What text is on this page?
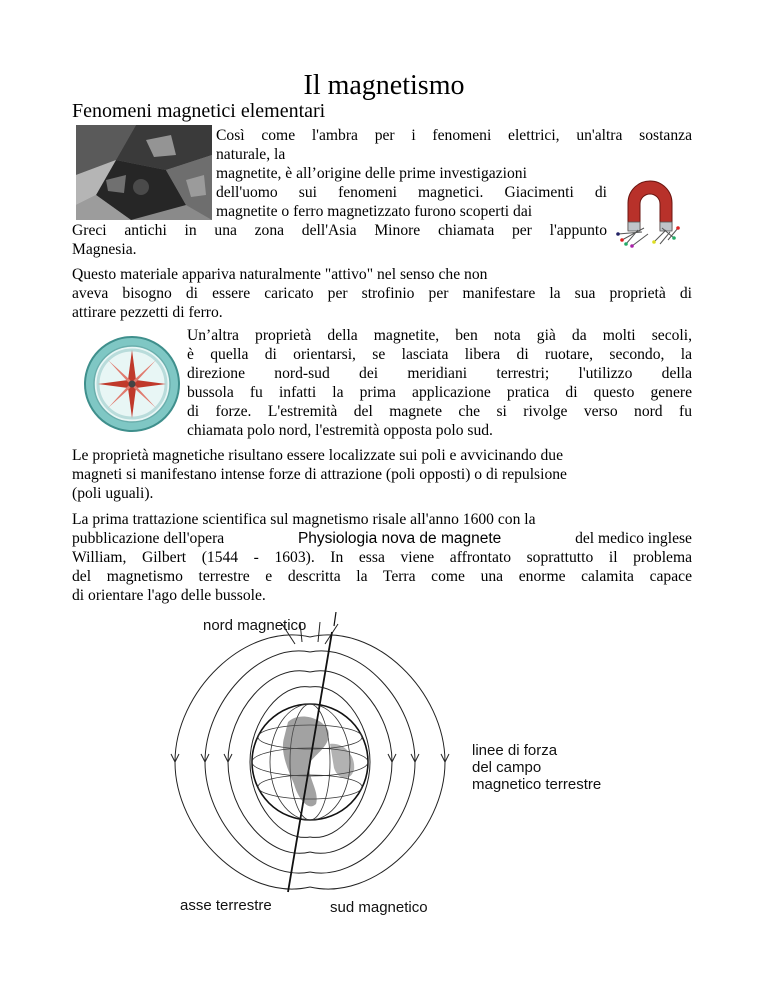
Il magnetismo
Fenomeni magnetici elementari
Così come l'ambra per i fenomeni elettrici, un'altra sostanza
naturale, la
magnetite, è all’origine delle prime investigazioni
dell'uomo sui fenomeni magnetici. Giacimenti di
magnetite o ferro magnetizzato furono scoperti dai
Greci antichi in una zona dell'Asia Minore chiamata per l'appunto
Magnesia.
Questo materiale appariva naturalmente "attivo" nel senso che non
aveva bisogno di essere caricato per strofinio per manifestare la sua proprietà di
attirare pezzetti di ferro.
Un’altra proprietà della magnetite, ben nota già da molti secoli,
è quella di orientarsi, se lasciata libera di ruotare, secondo, la
direzione nord-sud dei meridiani terrestri; l'utilizzo della
bussola fu infatti la prima applicazione pratica di questo genere
di forze. L'estremità del magnete che si rivolge verso nord fu
chiamata polo nord, l'estremità opposta polo sud.
Le proprietà magnetiche risultano essere localizzate sui poli e avvicinando due
magneti si manifestano intense forze di attrazione (poli opposti) o di repulsione
(poli uguali).
La prima trattazione scientifica sul magnetismo risale all'anno 1600 con la
pubblicazione dell'opera	Physiologia nova de magnete	del medico inglese
William, Gilbert (1544 - 1603). In essa viene affrontato soprattutto il problema
del magnetismo terrestre e descritta la Terra come una enorme calamita capace
di orientare l'ago delle bussole.
nord magnetico
linee di forza
del campo
magnetico terrestre
asse terrestre	sud magnetico
